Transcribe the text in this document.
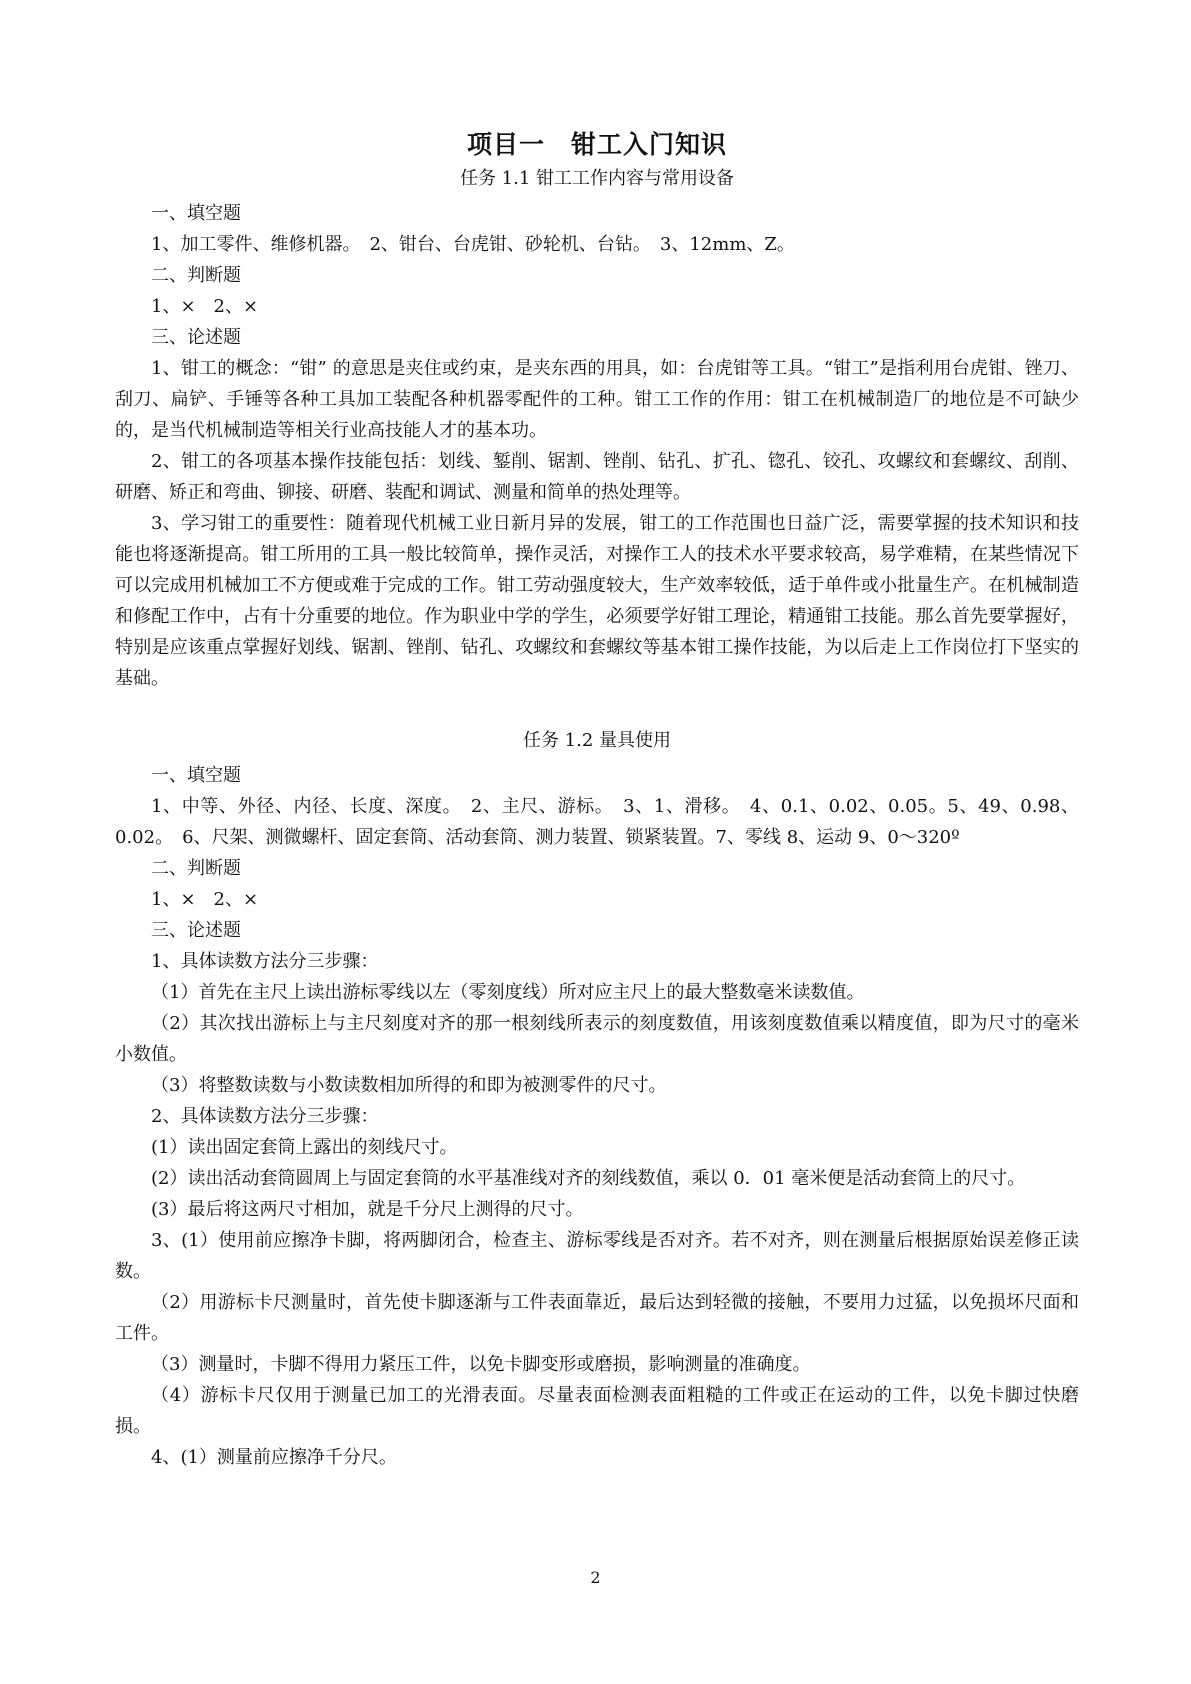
项目一　钳工入门知识
任务 1.1 钳工工作内容与常用设备

一、填空题

1、加工零件、维修机器。　2、钳台、台虎钳、砂轮机、台钻。　3、12mm、Z。

二、判断题

1、×　2、×

三、论述题

1、钳工的概念：“钳” 的意思是夹住或约束，是夹东西的用具，如：台虎钳等工具。“钳工”是指利用台虎钳、锉刀、刮刀、扁铲、手锤等各种工具加工装配各种机器零配件的工种。钳工工作的作用：钳工在机械制造厂的地位是不可缺少的，是当代机械制造等相关行业高技能人才的基本功。

2、钳工的各项基本操作技能包括：划线、錾削、锯割、锉削、钻孔、扩孔、锪孔、铰孔、攻螺纹和套螺纹、刮削、研磨、矫正和弯曲、铆接、研磨、装配和调试、测量和简单的热处理等。

3、学习钳工的重要性：随着现代机械工业日新月异的发展，钳工的工作范围也日益广泛，需要掌握的技术知识和技能也将逐渐提高。钳工所用的工具一般比较简单，操作灵活，对操作工人的技术水平要求较高，易学难精，在某些情况下可以完成用机械加工不方便或难于完成的工作。钳工劳动强度较大，生产效率较低，适于单件或小批量生产。在机械制造和修配工作中，占有十分重要的地位。作为职业中学的学生，必须要学好钳工理论，精通钳工技能。那么首先要掌握好，特别是应该重点掌握好划线、锯割、锉削、钻孔、攻螺纹和套螺纹等基本钳工操作技能，为以后走上工作岗位打下坚实的基础。

任务 1.2 量具使用

一、填空题

1、中等、外径、内径、长度、深度。　2、主尺、游标。　3、1、滑移。　4、0.1、0.02、0.05。5、49、0.98、0.02。　6、尺架、测微螺杆、固定套筒、活动套筒、测力装置、锁紧装置。7、零线 8、运动 9、0～320º

二、判断题

1、×　2、×

三、论述题

1、具体读数方法分三步骤：

（1）首先在主尺上读出游标零线以左（零刻度线）所对应主尺上的最大整数毫米读数值。

（2）其次找出游标上与主尺刻度对齐的那一根刻线所表示的刻度数值，用该刻度数值乘以精度值，即为尺寸的毫米小数值。

（3）将整数读数与小数读数相加所得的和即为被测零件的尺寸。

2、具体读数方法分三步骤：

(1）读出固定套筒上露出的刻线尺寸。

(2）读出活动套筒圆周上与固定套筒的水平基准线对齐的刻线数值，乘以 0．01 毫米便是活动套筒上的尺寸。

(3）最后将这两尺寸相加，就是千分尺上测得的尺寸。

3、(1）使用前应擦净卡脚，将两脚闭合，检查主、游标零线是否对齐。若不对齐，则在测量后根据原始误差修正读数。

（2）用游标卡尺测量时，首先使卡脚逐渐与工件表面靠近，最后达到轻微的接触，不要用力过猛，以免损坏尺面和工件。

（3）测量时，卡脚不得用力紧压工件，以免卡脚变形或磨损，影响测量的准确度。

（4）游标卡尺仅用于测量已加工的光滑表面。尽量表面检测表面粗糙的工件或正在运动的工件，以免卡脚过快磨损。

4、(1）测量前应擦净千分尺。

2
